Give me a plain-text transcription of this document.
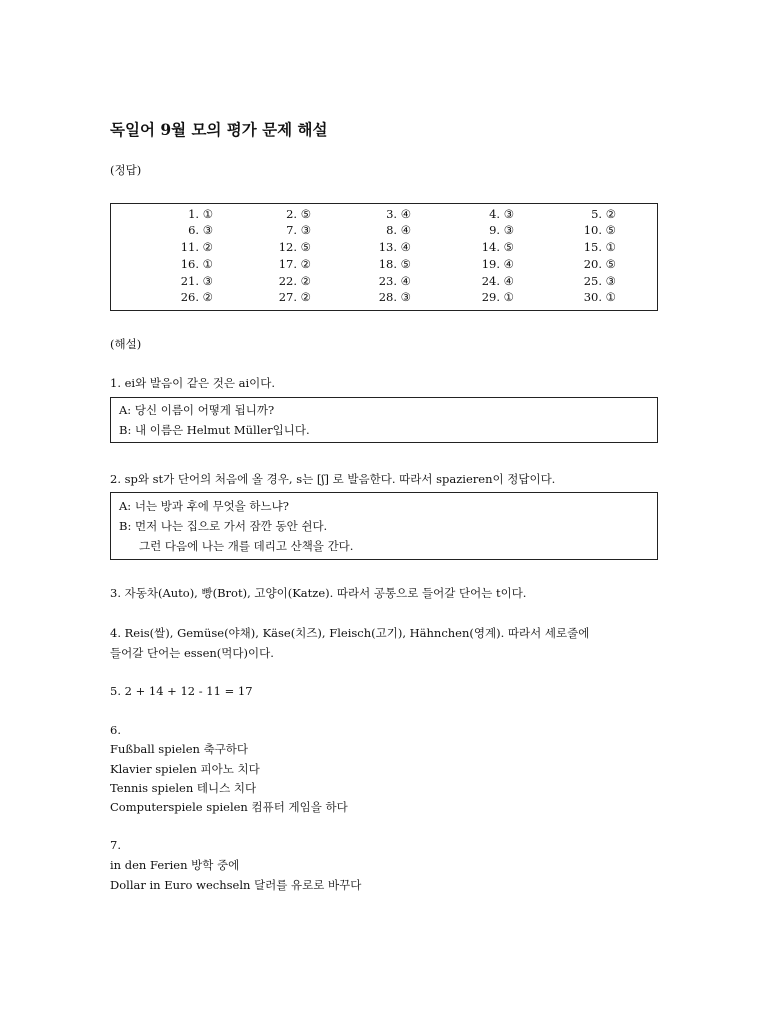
독일어 9월 모의 평가 문제 해설
(정답)
1. ①	2. ⑤	3. ④	4. ③	5. ②
6. ③	7. ③	8. ④	9. ③	10. ⑤
11. ②	12. ⑤	13. ④	14. ⑤	15. ①
16. ①	17. ②	18. ⑤	19. ④	20. ⑤
21. ③	22. ②	23. ④	24. ④	25. ③
26. ②	27. ②	28. ③	29. ①	30. ①
(해설)
1. ei와 발음이 같은 것은 ai이다.
A: 당신 이름이 어떻게 됩니까?
B: 내 이름은 Helmut Müller입니다.
2. sp와 st가 단어의 처음에 올 경우, s는 [ʃ] 로 발음한다. 따라서 spazieren이 정답이다.
A: 너는 방과 후에 무엇을 하느냐?
B: 먼저 나는 집으로 가서 잠깐 동안 쉰다.
그런 다음에 나는 개를 데리고 산책을 간다.
3. 자동차(Auto), 빵(Brot), 고양이(Katze). 따라서 공통으로 들어갈 단어는 t이다.
4. Reis(쌀), Gemüse(야채), Käse(치즈), Fleisch(고기), Hähnchen(영계). 따라서 세로줄에
들어갈 단어는 essen(먹다)이다.
5. 2 + 14 + 12 - 11 = 17
6.
Fußball spielen 축구하다
Klavier spielen 피아노 치다
Tennis spielen 테니스 치다
Computerspiele spielen 컴퓨터 게임을 하다
7.
in den Ferien 방학 중에
Dollar in Euro wechseln 달러를 유로로 바꾸다
